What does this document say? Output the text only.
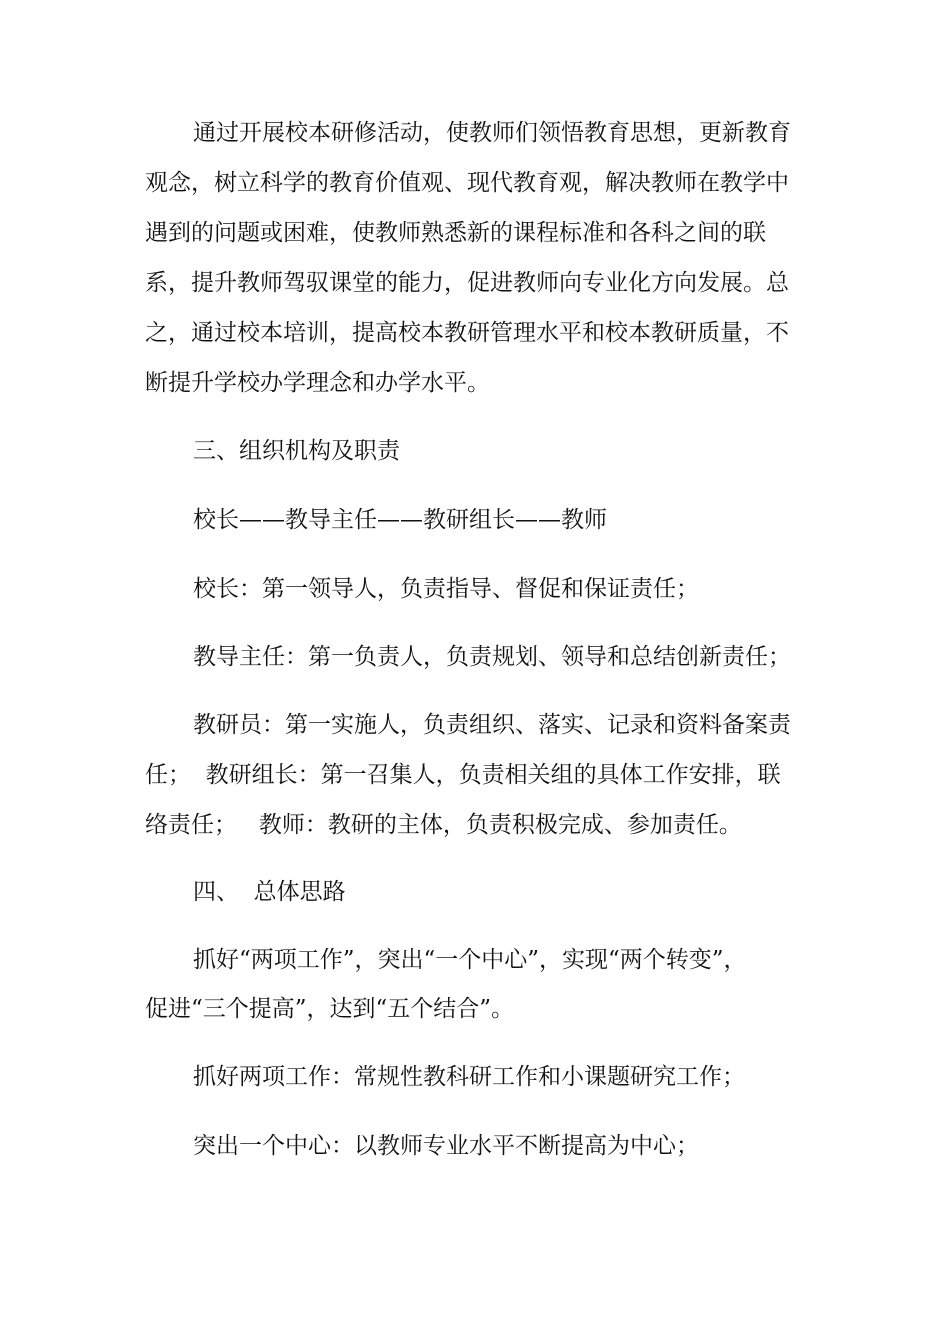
通过开展校本研修活动，使教师们领悟教育思想，更新教育
观念，树立科学的教育价值观、现代教育观，解决教师在教学中
遇到的问题或困难，使教师熟悉新的课程标准和各科之间的联
系，提升教师驾驭课堂的能力，促进教师向专业化方向发展。总
之，通过校本培训，提高校本教研管理水平和校本教研质量，不
断提升学校办学理念和办学水平。
三、组织机构及职责
校长——教导主任——教研组长——教师
校长：第一领导人，负责指导、督促和保证责任；
教导主任：第一负责人，负责规划、领导和总结创新责任；
教研员：第一实施人，负责组织、落实、记录和资料备案责
任；  教研组长：第一召集人，负责相关组的具体工作安排，联
络责任；   教师：教研的主体，负责积极完成、参加责任。
四、  总体思路
抓好“两项工作”，突出“一个中心”，实现“两个转变”，
促进“三个提高”，达到“五个结合”。
抓好两项工作：常规性教科研工作和小课题研究工作；
突出一个中心：以教师专业水平不断提高为中心；
